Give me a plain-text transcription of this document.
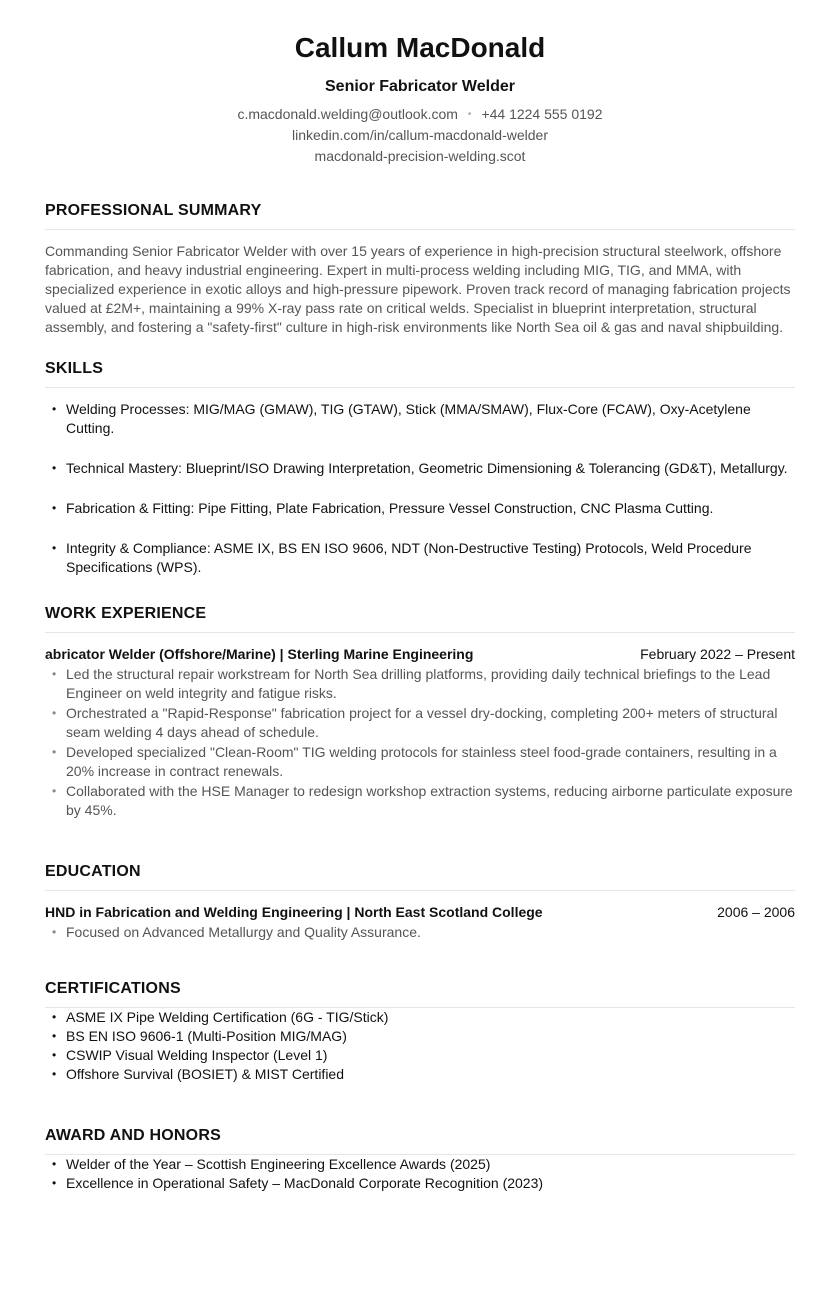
Callum MacDonald
Senior Fabricator Welder
c.macdonald.welding@outlook.com • +44 1224 555 0192
linkedin.com/in/callum-macdonald-welder
macdonald-precision-welding.scot
PROFESSIONAL SUMMARY
Commanding Senior Fabricator Welder with over 15 years of experience in high-precision structural steelwork, offshore fabrication, and heavy industrial engineering. Expert in multi-process welding including MIG, TIG, and MMA, with specialized experience in exotic alloys and high-pressure pipework. Proven track record of managing fabrication projects valued at £2M+, maintaining a 99% X-ray pass rate on critical welds. Specialist in blueprint interpretation, structural assembly, and fostering a "safety-first" culture in high-risk environments like North Sea oil & gas and naval shipbuilding.
SKILLS
• Welding Processes: MIG/MAG (GMAW), TIG (GTAW), Stick (MMA/SMAW), Flux-Core (FCAW), Oxy-Acetylene Cutting.
• Technical Mastery: Blueprint/ISO Drawing Interpretation, Geometric Dimensioning & Tolerancing (GD&T), Metallurgy.
• Fabrication & Fitting: Pipe Fitting, Plate Fabrication, Pressure Vessel Construction, CNC Plasma Cutting.
• Integrity & Compliance: ASME IX, BS EN ISO 9606, NDT (Non-Destructive Testing) Protocols, Weld Procedure Specifications (WPS).
WORK EXPERIENCE
abricator Welder (Offshore/Marine) | Sterling Marine Engineering	February 2022 – Present
• Led the structural repair workstream for North Sea drilling platforms, providing daily technical briefings to the Lead Engineer on weld integrity and fatigue risks.
• Orchestrated a "Rapid-Response" fabrication project for a vessel dry-docking, completing 200+ meters of structural seam welding 4 days ahead of schedule.
• Developed specialized "Clean-Room" TIG welding protocols for stainless steel food-grade containers, resulting in a 20% increase in contract renewals.
• Collaborated with the HSE Manager to redesign workshop extraction systems, reducing airborne particulate exposure by 45%.
EDUCATION
HND in Fabrication and Welding Engineering | North East Scotland College	2006 – 2006
• Focused on Advanced Metallurgy and Quality Assurance.
CERTIFICATIONS
• ASME IX Pipe Welding Certification (6G - TIG/Stick)
• BS EN ISO 9606-1 (Multi-Position MIG/MAG)
• CSWIP Visual Welding Inspector (Level 1)
• Offshore Survival (BOSIET) & MIST Certified
AWARD AND HONORS
• Welder of the Year – Scottish Engineering Excellence Awards (2025)
• Excellence in Operational Safety – MacDonald Corporate Recognition (2023)
